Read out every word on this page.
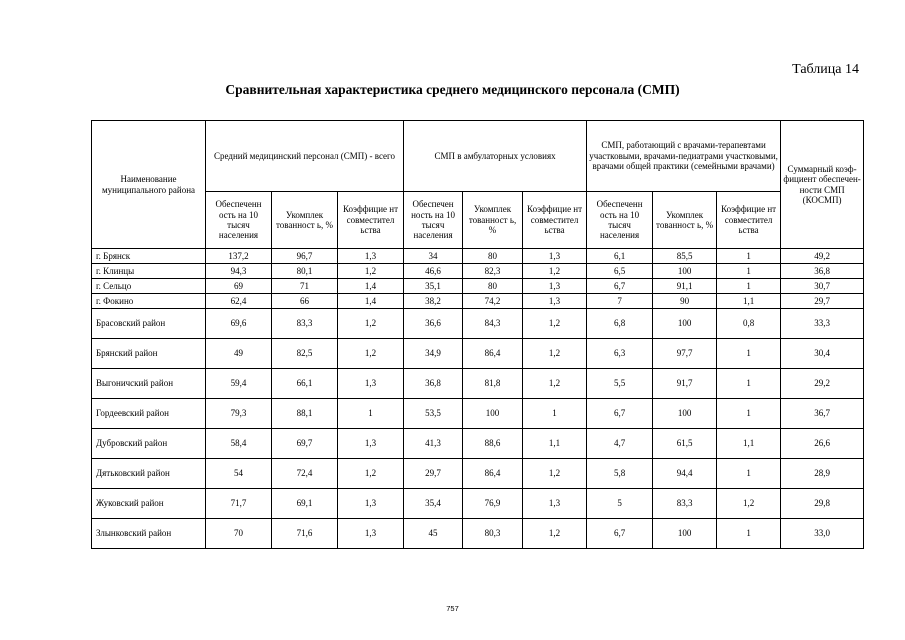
Таблица 14
Сравнительная характеристика среднего медицинского персонала (СМП)
Наименование муниципального района	Средний медицинский персонал (СМП) - всего			СМП в амбулаторных условиях			СМП, работающий с врачами-терапевтами участковыми, врачами-педиатрами участковыми, врачами общей практики (семейными врачами)			Суммарный коэф-фициент обеспечен-ности СМП (КОСМП)
	Обеспеченн ость на 10 тысяч населения	Укомплек тованност ь, %	Коэффицие нт совместител ьства	Обеспечен ность на 10 тысяч населения	Укомплек тованност ь, %	Коэффицие нт совместител ьства	Обеспеченн ость на 10 тысяч населения	Укомплек тованност ь, %	Коэффицие нт совместител ьства	
г. Брянск	137,2	96,7	1,3	34	80	1,3	6,1	85,5	1	49,2
г. Клинцы	94,3	80,1	1,2	46,6	82,3	1,2	6,5	100	1	36,8
г. Сельцо	69	71	1,4	35,1	80	1,3	6,7	91,1	1	30,7
г. Фокино	62,4	66	1,4	38,2	74,2	1,3	7	90	1,1	29,7
Брасовский район	69,6	83,3	1,2	36,6	84,3	1,2	6,8	100	0,8	33,3
Брянский район	49	82,5	1,2	34,9	86,4	1,2	6,3	97,7	1	30,4
Выгоничский район	59,4	66,1	1,3	36,8	81,8	1,2	5,5	91,7	1	29,2
Гордеевский район	79,3	88,1	1	53,5	100	1	6,7	100	1	36,7
Дубровский район	58,4	69,7	1,3	41,3	88,6	1,1	4,7	61,5	1,1	26,6
Дятьковский район	54	72,4	1,2	29,7	86,4	1,2	5,8	94,4	1	28,9
Жуковский район	71,7	69,1	1,3	35,4	76,9	1,3	5	83,3	1,2	29,8
Злынковский район	70	71,6	1,3	45	80,3	1,2	6,7	100	1	33,0
757
